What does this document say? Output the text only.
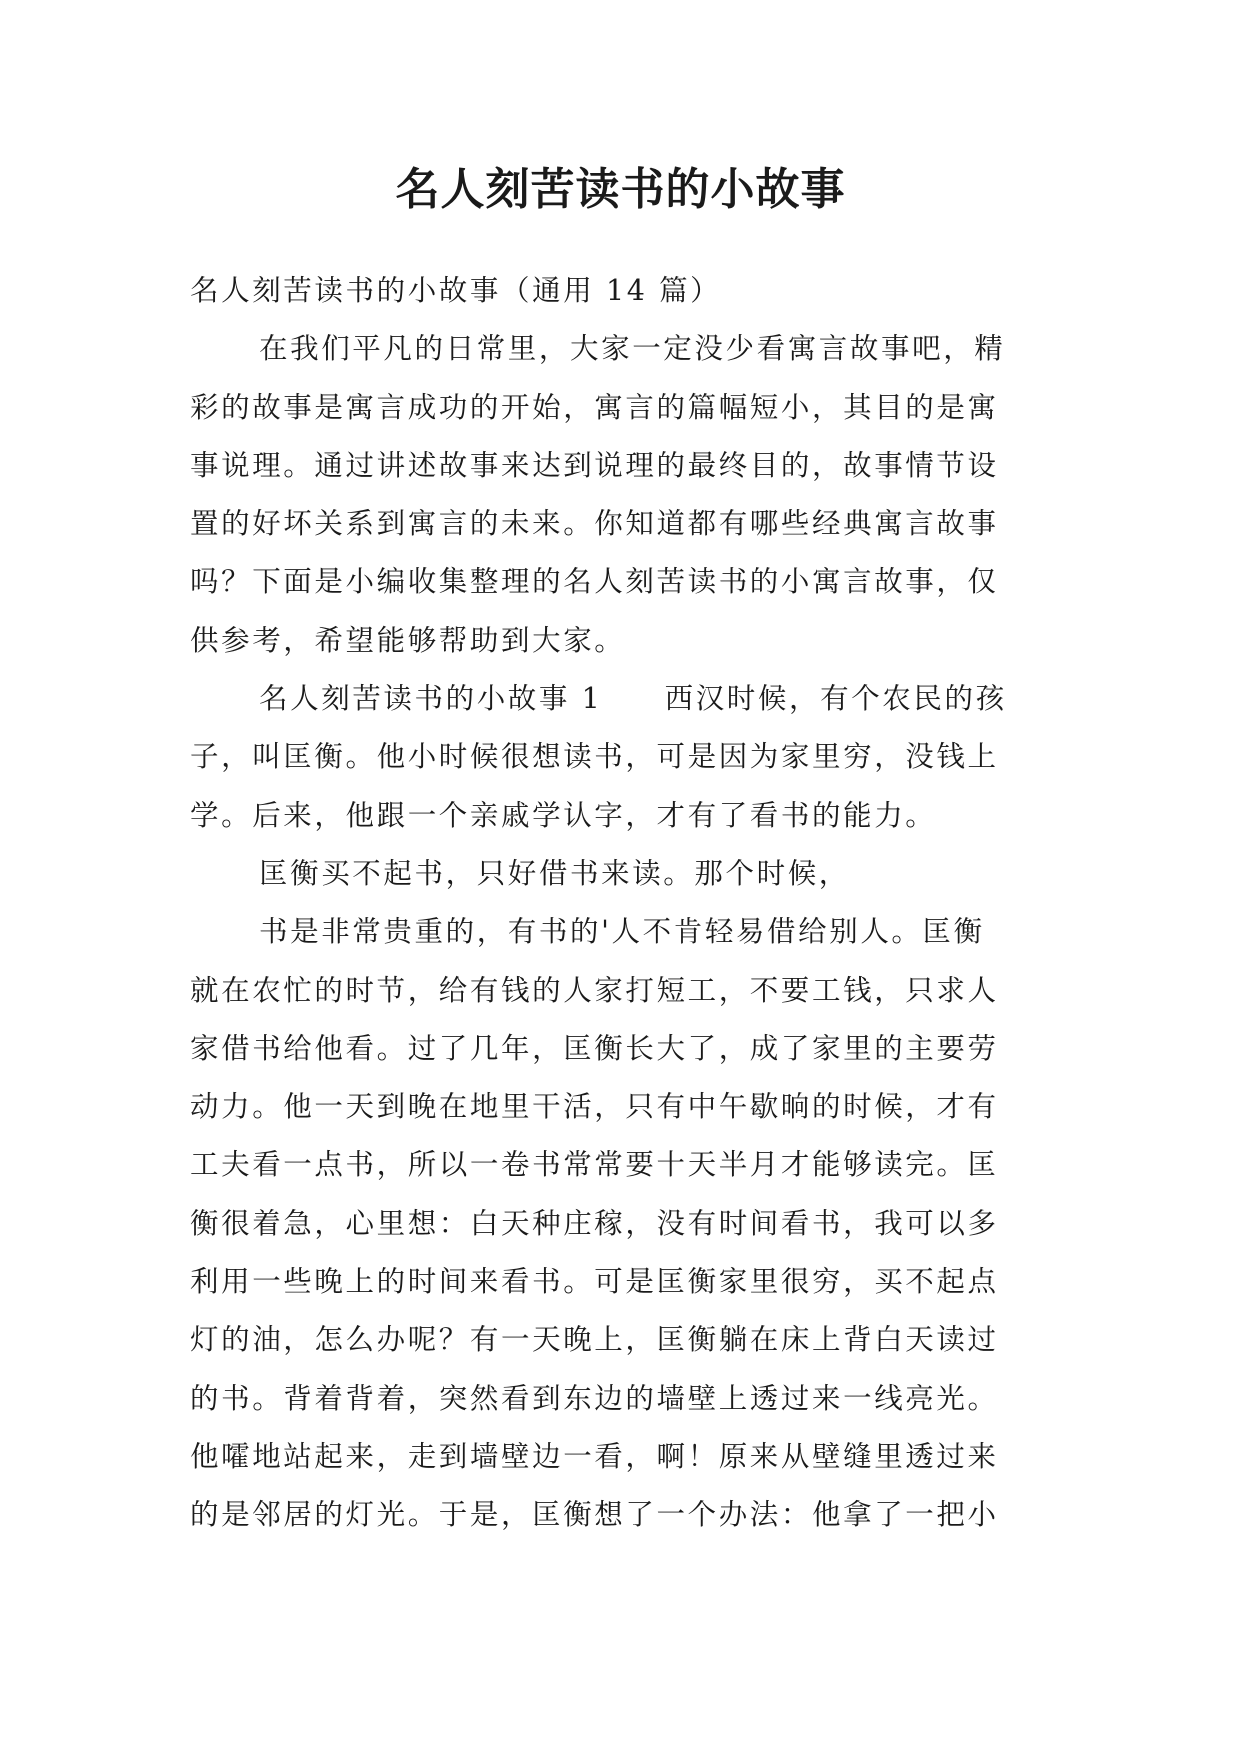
名人刻苦读书的小故事

名人刻苦读书的小故事（通用 14 篇）

在我们平凡的日常里，大家一定没少看寓言故事吧，精

彩的故事是寓言成功的开始，寓言的篇幅短小，其目的是寓

事说理。通过讲述故事来达到说理的最终目的，故事情节设

置的好坏关系到寓言的未来。你知道都有哪些经典寓言故事

吗？下面是小编收集整理的名人刻苦读书的小寓言故事，仅

供参考，希望能够帮助到大家。

名人刻苦读书的小故事 1　　西汉时候，有个农民的孩

子，叫匡衡。他小时候很想读书，可是因为家里穷，没钱上

学。后来，他跟一个亲戚学认字，才有了看书的能力。

匡衡买不起书，只好借书来读。那个时候，

书是非常贵重的，有书的'人不肯轻易借给别人。匡衡

就在农忙的时节，给有钱的人家打短工，不要工钱，只求人

家借书给他看。过了几年，匡衡长大了，成了家里的主要劳

动力。他一天到晚在地里干活，只有中午歇晌的时候，才有

工夫看一点书，所以一卷书常常要十天半月才能够读完。匡

衡很着急，心里想：白天种庄稼，没有时间看书，我可以多

利用一些晚上的时间来看书。可是匡衡家里很穷，买不起点

灯的油，怎么办呢？有一天晚上，匡衡躺在床上背白天读过

的书。背着背着，突然看到东边的墙壁上透过来一线亮光。

他嚯地站起来，走到墙壁边一看，啊！原来从壁缝里透过来

的是邻居的灯光。于是，匡衡想了一个办法：他拿了一把小
